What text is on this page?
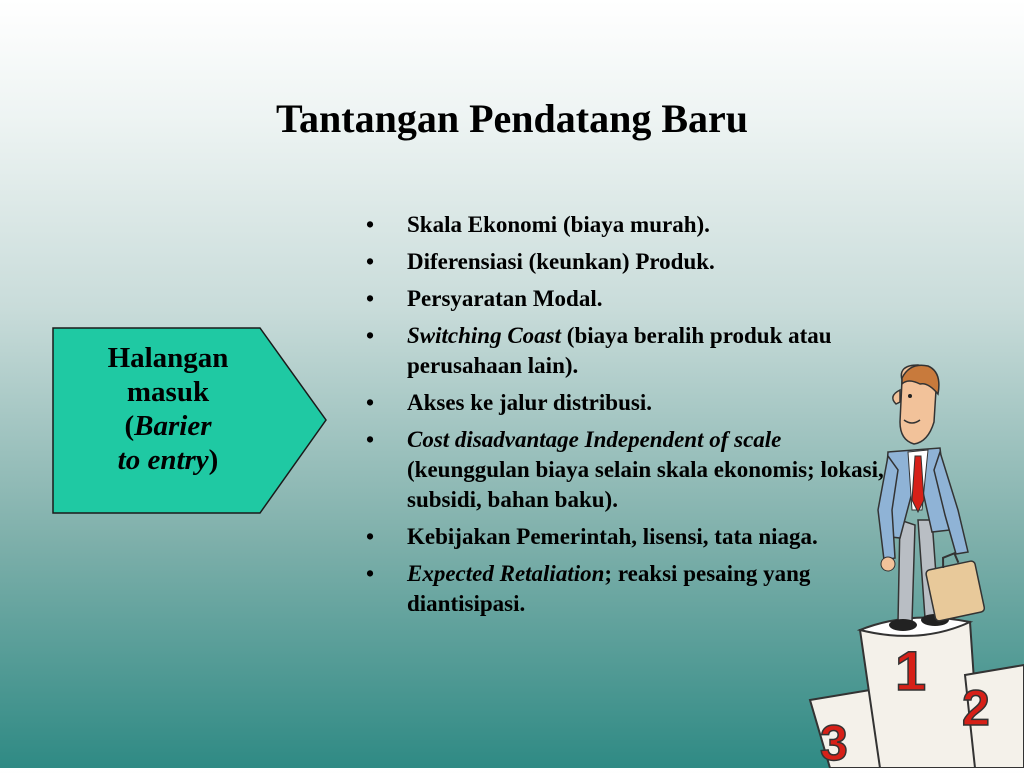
Tantangan Pendatang Baru
Halangan
masuk
(Barier
to entry)
• Skala Ekonomi (biaya murah).
• Diferensiasi (keunkan) Produk.
• Persyaratan Modal.
• Switching Coast (biaya beralih produk atau perusahaan lain).
• Akses ke jalur distribusi.
• Cost disadvantage Independent of scale (keunggulan biaya selain skala ekonomis; lokasi, subsidi, bahan baku).
• Kebijakan Pemerintah, lisensi, tata niaga.
• Expected Retaliation; reaksi pesaing yang diantisipasi.
1
2
3
